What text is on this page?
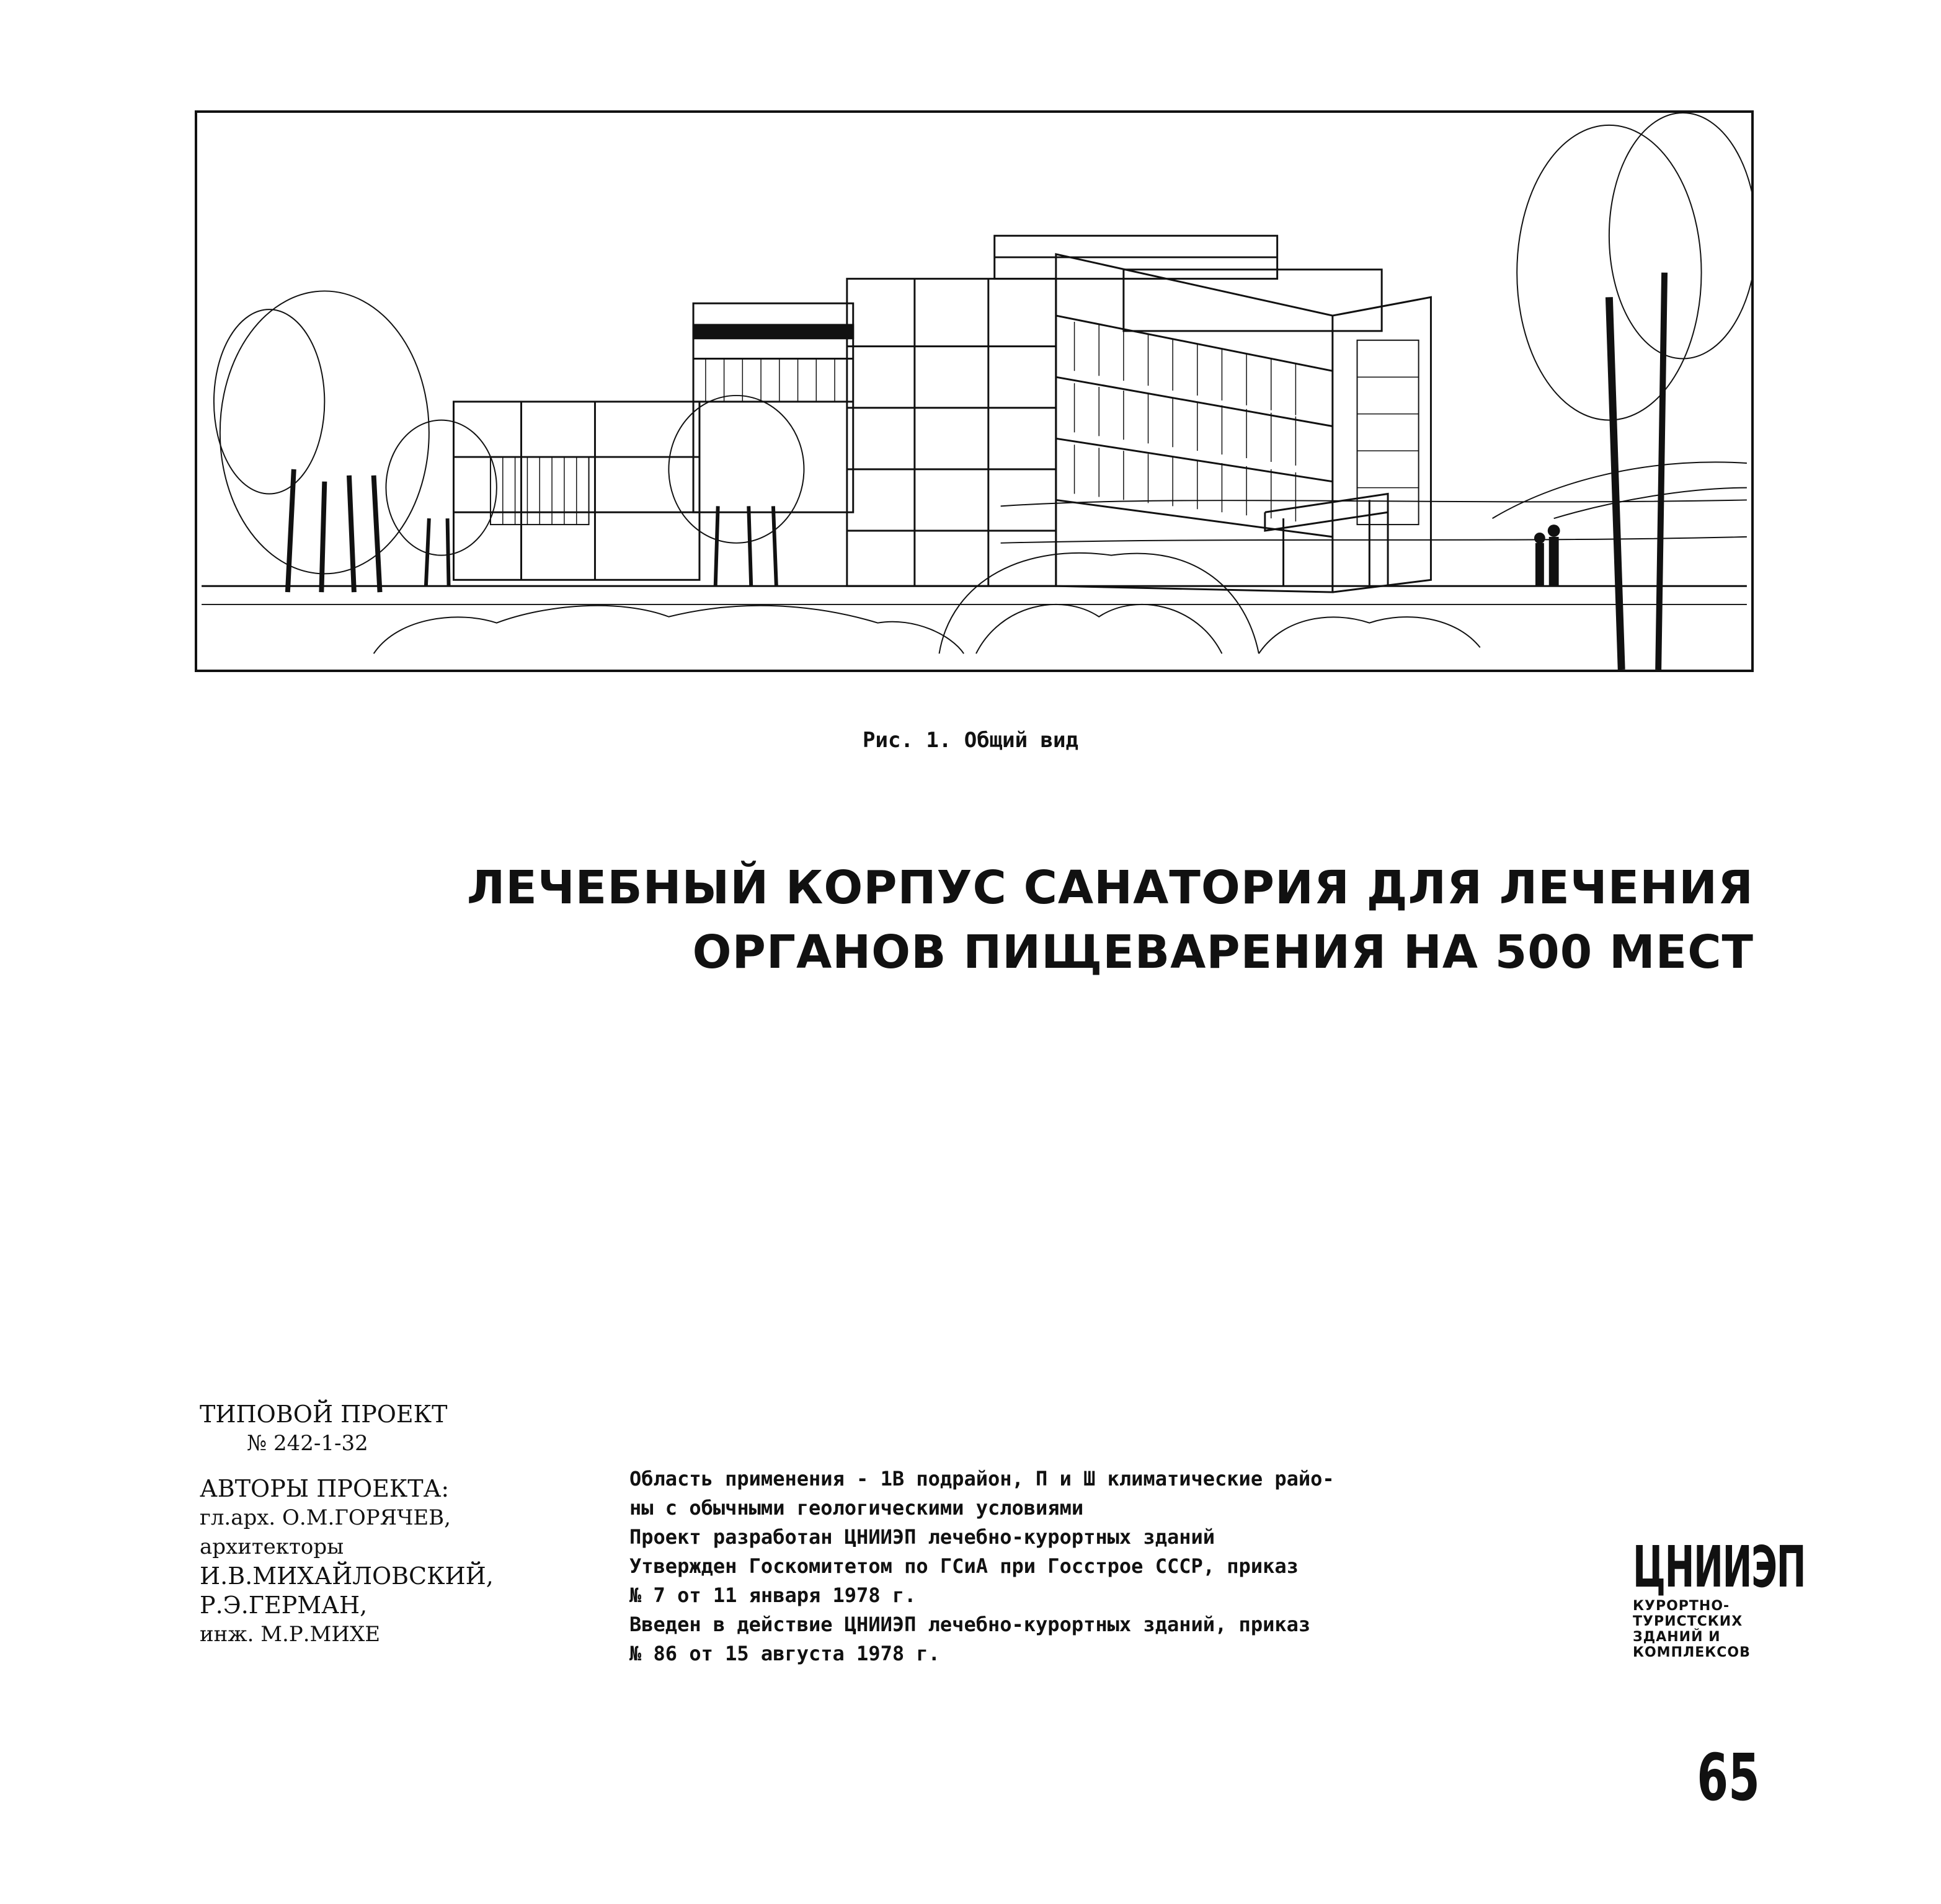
Рис. 1. Общий вид
ЛЕЧЕБНЫЙ КОРПУС САНАТОРИЯ ДЛЯ ЛЕЧЕНИЯ
ОРГАНОВ ПИЩЕВАРЕНИЯ НА 500 МЕСТ
ТИПОВОЙ ПРОЕКТ
№ 242-1-32
АВТОРЫ ПРОЕКТА:
гл.арх. О.М.ГОРЯЧЕВ,
архитекторы
И.В.МИХАЙЛОВСКИЙ,
Р.Э.ГЕРМАН,
инж. М.Р.МИХЕ
Область применения - 1В подрайон, П и Ш климатические райо-
ны с обычными геологическими условиями
Проект разработан ЦНИИЭП лечебно-курортных зданий
Утвержден Госкомитетом по ГСиА при Госстрое СССР, приказ
№ 7 от 11 января 1978 г.
Введен в действие ЦНИИЭП лечебно-курортных зданий, приказ
№ 86 от 15 августа 1978 г.
ЦНИИЭП
КУРОРТНО-
ТУРИСТСКИХ
ЗДАНИЙ И
КОМПЛЕКСОВ
65
